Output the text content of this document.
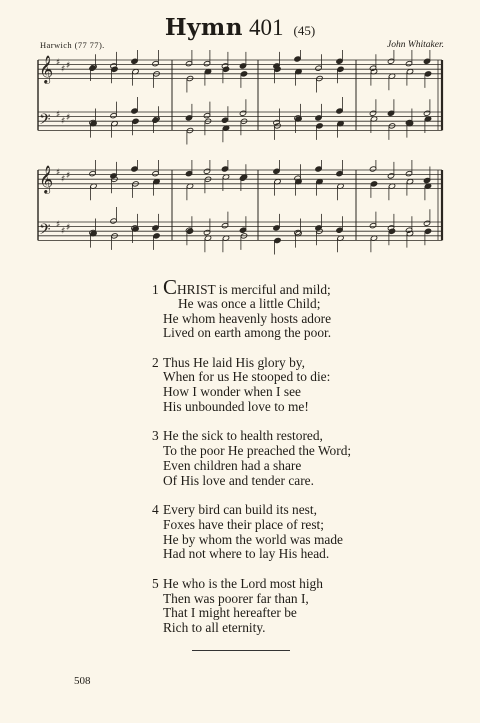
Hymn 401 (45)
Harwich (77 77).	John Whitaker.
𝄞 ♯
♯ ♯
𝄢 ♯
♯ ♯
𝄞 ♯
♯ ♯
𝄢 ♯
♯ ♯
1 CHRIST is merciful and mild;
He was once a little Child;
He whom heavenly hosts adore
Lived on earth among the poor.
2 Thus He laid His glory by,
When for us He stooped to die:
How I wonder when I see
His unbounded love to me!
3 He the sick to health restored,
To the poor He preached the Word;
Even children had a share
Of His love and tender care.
4 Every bird can build its nest,
Foxes have their place of rest;
He by whom the world was made
Had not where to lay His head.
5 He who is the Lord most high
Then was poorer far than I,
That I might hereafter be
Rich to all eternity.
508
